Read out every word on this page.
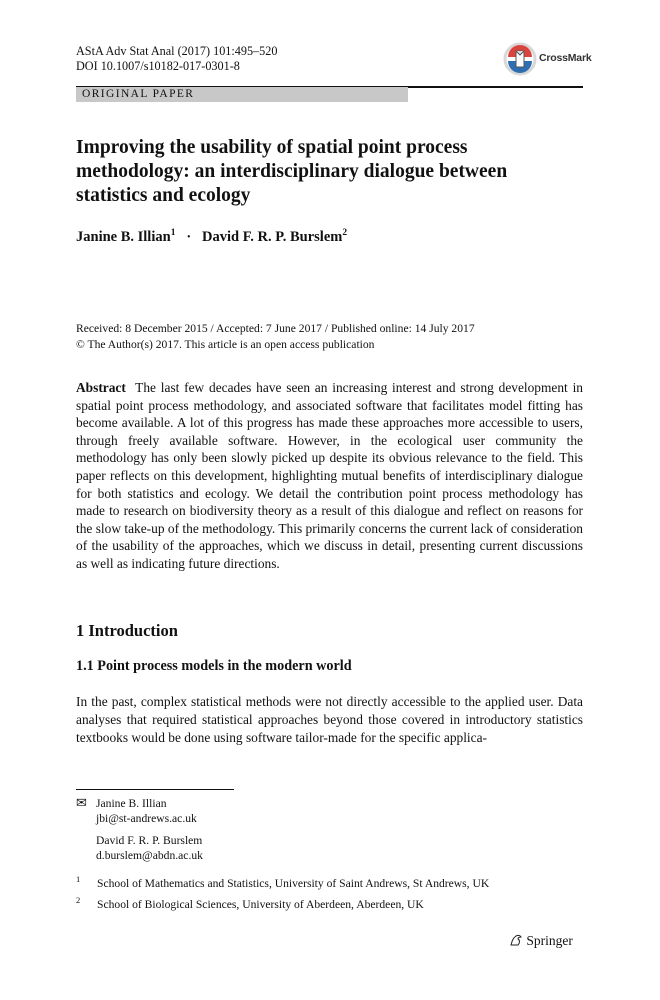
AStA Adv Stat Anal (2017) 101:495–520
DOI 10.1007/s10182-017-0301-8
CrossMark
ORIGINAL PAPER
Improving the usability of spatial point process methodology: an interdisciplinary dialogue between statistics and ecology
Janine B. Illian$^1$ · David F. R. P. Burslem$^2$
Received: 8 December 2015 / Accepted: 7 June 2017 / Published online: 14 July 2017
© The Author(s) 2017. This article is an open access publication
Abstract The last few decades have seen an increasing interest and strong development in spatial point process methodology, and associated software that facilitates model fitting has become available. A lot of this progress has made these approaches more accessible to users, through freely available software. However, in the ecological user community the methodology has only been slowly picked up despite its obvious relevance to the field. This paper reflects on this development, highlighting mutual benefits of interdisciplinary dialogue for both statistics and ecology. We detail the contribution point process methodology has made to research on biodiversity theory as a result of this dialogue and reflect on reasons for the slow take-up of the methodology. This primarily concerns the current lack of consideration of the usability of the approaches, which we discuss in detail, presenting current discussions as well as indicating future directions.
1 Introduction
1.1 Point process models in the modern world
In the past, complex statistical methods were not directly accessible to the applied user. Data analyses that required statistical approaches beyond those covered in introductory statistics textbooks would be done using software tailor-made for the specific applica-
✉ Janine B. Illian
jbi@st-andrews.ac.uk
David F. R. P. Burslem
d.burslem@abdn.ac.uk
1 School of Mathematics and Statistics, University of Saint Andrews, St Andrews, UK
2 School of Biological Sciences, University of Aberdeen, Aberdeen, UK
Springer
